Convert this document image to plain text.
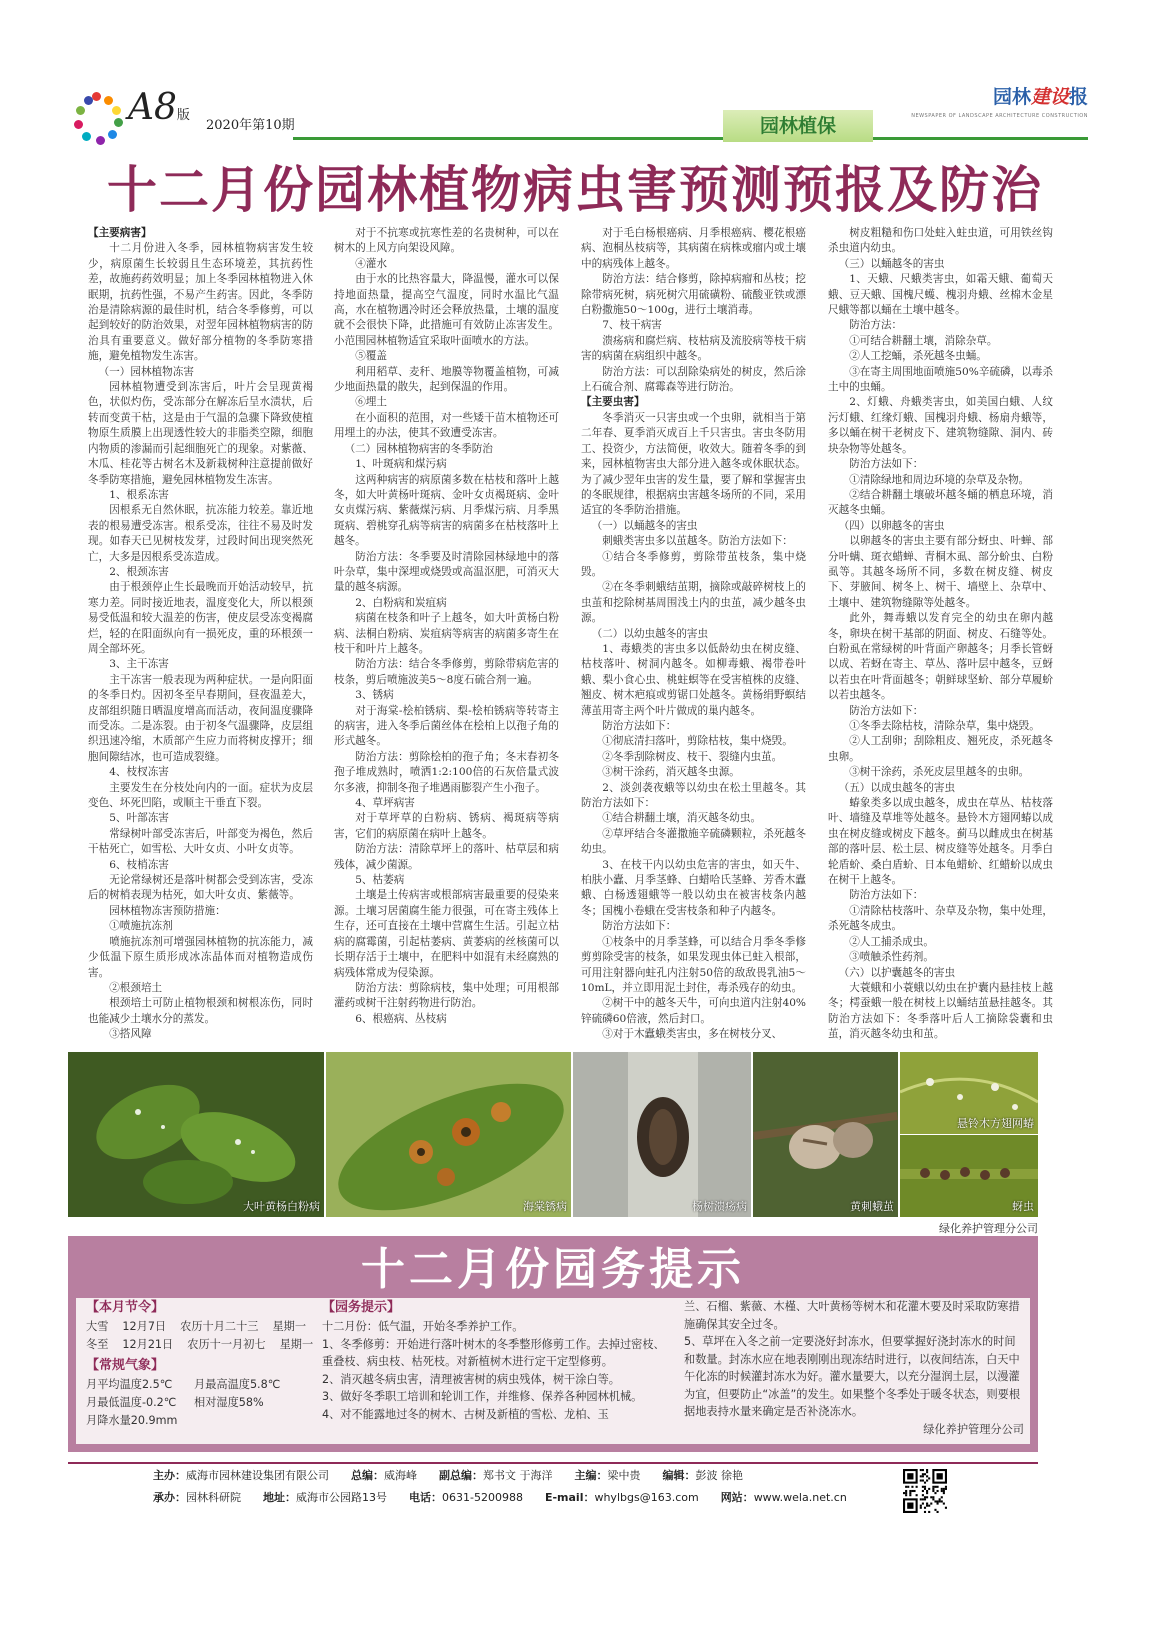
A8版
2020年第10期	园林植保
园林建设报
NEWSPAPER OF LANDSCAPE ARCHITECTURE CONSTRUCTION
十二月份园林植物病虫害预测预报及防治

【主要病害】

十二月份进入冬季，园林植物病害发生较少，病原菌生长较弱且生态环境差，其抗药性差，故施药药效明显；加上冬季园林植物进入休眠期，抗药性强，不易产生药害。因此，冬季防治是清除病源的最佳时机，结合冬季修剪，可以起到较好的防治效果，对翌年园林植物病害的防治具有重要意义。做好部分植物的冬季防寒措施，避免植物发生冻害。

（一）园林植物冻害

园林植物遭受到冻害后，叶片会呈现黄褐色，状似灼伤，受冻部分在解冻后呈水渍状，后转而变黄干枯，这是由于气温的急骤下降致使植物原生质膜上出现透性较大的非脂类空隙，细胞内物质的渗漏而引起细胞死亡的现象。对紫薇、木瓜、桂花等古树名木及新栽树种注意提前做好冬季防寒措施，避免园林植物发生冻害。

1、根系冻害

因根系无自然休眠，抗冻能力较差。靠近地表的根易遭受冻害。根系受冻，往往不易及时发现。如春天已见树枝发芽，过段时间出现突然死亡，大多是因根系受冻造成。

2、根颈冻害

由于根颈停止生长最晚而开始活动较早，抗寒力差。同时接近地表，温度变化大，所以根颈易受低温和较大温差的伤害，使皮层受冻变褐腐烂，轻的在阳面纵向有一损死皮，重的环根颈一周全部坏死。

3、主干冻害

主干冻害一般表现为两种症状。一是向阳面的冬季日灼。因初冬至早春期间，昼夜温差大，皮部组织随日晒温度增高而活动，夜间温度骤降而受冻。二是冻裂。由于初冬气温骤降，皮层组织迅速冷缩，木质部产生应力而将树皮撑开；细胞间隙结冰，也可造成裂缝。

4、枝杈冻害

主要发生在分枝处向内的一面。症状为皮层变色、坏死凹陷，或顺主干垂直下裂。

5、叶部冻害

常绿树叶部受冻害后，叶部变为褐色，然后干枯死亡，如雪松、大叶女贞、小叶女贞等。

6、枝梢冻害

无论常绿树还是落叶树都会受到冻害，受冻后的树梢表现为枯死，如大叶女贞、紫薇等。

园林植物冻害预防措施：

①喷施抗冻剂

喷施抗冻剂可增强园林植物的抗冻能力，减少低温下原生质形成冰冻晶体而对植物造成伤害。

②根颈培土

根颈培土可防止植物根颈和树根冻伤，同时也能减少土壤水分的蒸发。

③搭风障

对于不抗寒或抗寒性差的名贵树种，可以在树木的上风方向架设风障。

④灌水

由于水的比热容量大，降温慢，灌水可以保持地面热量，提高空气温度，同时水温比气温高，水在植物遇冷时还会释放热量，土壤的温度就不会很快下降，此措施可有效防止冻害发生。小范围园林植物适宜采取叶面喷水的方法。

⑤覆盖

利用稻草、麦秆、地膜等物覆盖植物，可减少地面热量的散失，起到保温的作用。

⑥埋土

在小面积的范围，对一些矮干苗木植物还可用埋土的办法，使其不致遭受冻害。

（二）园林植物病害的冬季防治

1、叶斑病和煤污病

这两种病害的病原菌多数在枯枝和落叶上越冬，如大叶黄杨叶斑病、金叶女贞褐斑病、金叶女贞煤污病、紫薇煤污病、月季煤污病、月季黑斑病、碧桃穿孔病等病害的病菌多在枯枝落叶上越冬。

防治方法：冬季要及时清除园林绿地中的落叶杂草，集中深埋或烧毁或高温沤肥，可消灭大量的越冬病源。

2、白粉病和炭疽病

病菌在枝条和叶子上越冬，如大叶黄杨白粉病、法桐白粉病、炭疽病等病害的病菌多寄生在枝干和叶片上越冬。

防治方法：结合冬季修剪，剪除带病危害的枝条，剪后喷施波美5～8度石硫合剂一遍。

3、锈病

对于海棠-桧柏锈病、梨-桧柏锈病等转寄主的病害，进入冬季后菌丝体在桧柏上以孢子角的形式越冬。

防治方法：剪除桧柏的孢子角；冬末春初冬孢子堆成熟时，喷洒1:2:100倍的石灰倍量式波尔多液，抑制冬孢子堆遇雨膨裂产生小孢子。

4、草坪病害

对于草坪草的白粉病、锈病、褐斑病等病害，它们的病原菌在病叶上越冬。

防治方法：清除草坪上的落叶、枯草层和病残体，减少菌源。

5、枯萎病

土壤是土传病害或根部病害最重要的侵染来源。土壤习居菌腐生能力很强，可在寄主残体上生存，还可直接在土壤中营腐生生活。引起立枯病的腐霉菌，引起枯萎病、黄萎病的丝核菌可以长期存活于土壤中，在肥料中如混有未经腐熟的病残体常成为侵染源。

防治方法：剪除病枝，集中处理；可用根部灌药或树干注射药物进行防治。

6、根癌病、丛枝病

对于毛白杨根癌病、月季根癌病、樱花根癌病、泡桐丛枝病等，其病菌在病株或瘤内或土壤中的病残体上越冬。

防治方法：结合修剪，除掉病瘤和丛枝；挖除带病死树，病死树穴用硫磺粉、硫酸亚铁或漂白粉撒施50～100g，进行土壤消毒。

7、枝干病害

溃疡病和腐烂病、枝枯病及流胶病等枝干病害的病菌在病组织中越冬。

防治方法：可以刮除染病处的树皮，然后涂上石硫合剂、腐霉森等进行防治。

【主要虫害】

冬季消灭一只害虫或一个虫卵，就相当于第二年春、夏季消灭成百上千只害虫。害虫冬防用工、投资少，方法简便，收效大。随着冬季的到来，园林植物害虫大部分进入越冬或休眠状态。为了减少翌年虫害的发生量，要了解和掌握害虫的冬眠规律，根据病虫害越冬场所的不同，采用适宜的冬季防治措施。

（一）以蛹越冬的害虫

刺蛾类害虫多以茧越冬。防治方法如下：

①结合冬季修剪，剪除带茧枝条，集中烧毁。

②在冬季刺蛾结茧期，摘除或敲碎树枝上的虫茧和挖除树基周围浅土内的虫茧，减少越冬虫源。

（二）以幼虫越冬的害虫

1、毒蛾类的害虫多以低龄幼虫在树皮缝、枯枝落叶、树洞内越冬。如柳毒蛾、褐带卷叶蛾、梨小食心虫、桃蛀螟等在受害植株的皮缝、翘皮、树木疤痕或剪锯口处越冬。黄杨绢野螟结薄茧用寄主两个叶片做成的巢内越冬。

防治方法如下：

①彻底清扫落叶，剪除枯枝，集中烧毁。

②冬季刮除树皮、枝干、裂缝内虫茧。

③树干涂药，消灭越冬虫源。

2、淡剑袭夜蛾等以幼虫在松土里越冬。其防治方法如下：

①结合耕翻土壤，消灭越冬幼虫。

②草坪结合冬灌撒施辛硫磷颗粒，杀死越冬幼虫。

3、在枝干内以幼虫危害的害虫，如天牛、柏肤小蠹、月季茎蜂、白蜡哈氏茎蜂、芳香木蠹蛾、白杨透翅蛾等一般以幼虫在被害枝条内越冬；国槐小卷蛾在受害枝条和种子内越冬。

防治方法如下：

①枝条中的月季茎蜂，可以结合月季冬季修剪剪除受害的枝条，如果发现虫体已蛀入根部，可用注射器向蛀孔内注射50倍的敌敌畏乳油5～10mL，并立即用泥土封住，毒杀残存的幼虫。

②树干中的越冬天牛，可向虫道内注射40%锌硫磷60倍液，然后封口。

③对于木蠹蛾类害虫，多在树枝分叉、

树皮粗糙和伤口处蛀入蛀虫道，可用铁丝钩杀虫道内幼虫。

（三）以蛹越冬的害虫

1、天蛾、尺蛾类害虫，如霜天蛾、葡萄天蛾、豆天蛾、国槐尺蠖、槐羽舟蛾、丝棉木金星尺蛾等都以蛹在土壤中越冬。

防治方法：

①可结合耕翻土壤，消除杂草。

②人工挖蛹，杀死越冬虫蛹。

③在寄主周围地面喷施50%辛硫磷，以毒杀土中的虫蛹。

2、灯蛾、舟蛾类害虫，如美国白蛾、人纹污灯蛾、红缘灯蛾、国槐羽舟蛾、杨扇舟蛾等，多以蛹在树干老树皮下、建筑物缝隙、洞内、砖块杂物等处越冬。

防治方法如下：

①清除绿地和周边环境的杂草及杂物。

②结合耕翻土壤破坏越冬蛹的栖息环境，消灭越冬虫蛹。

（四）以卵越冬的害虫

以卵越冬的害虫主要有部分蚜虫、叶蝉、部分叶螨、斑衣蜡蝉、青桐木虱、部分蚧虫、白粉虱等。其越冬场所不同，多数在树皮缝、树皮下、芽腋间、树冬上、树干、墙壁上、杂草中、土壤中、建筑物缝隙等处越冬。

此外，舞毒蛾以发育完全的幼虫在卵内越冬，卵块在树干基部的阴面、树皮、石缝等处。白粉虱在常绿树的叶背面产卵越冬；月季长管蚜以成、若蚜在寄主、草丛、落叶层中越冬，豆蚜以若虫在叶背面越冬；朝鲜球坚蚧、部分草履蚧以若虫越冬。

防治方法如下：

①冬季去除枯枝，清除杂草，集中烧毁。

②人工刮卵；刮除粗皮、翘死皮，杀死越冬虫卵。

③树干涂药，杀死皮层里越冬的虫卵。

（五）以成虫越冬的害虫

蝽象类多以成虫越冬，成虫在草丛、枯枝落叶、墙缝及草堆等处越冬。悬铃木方翅网蝽以成虫在树皮缝或树皮下越冬。蓟马以雌成虫在树基部的落叶层、松土层、树皮缝等处越冬。月季白轮盾蚧、桑白盾蚧、日本龟蜡蚧、红蜡蚧以成虫在树干上越冬。

防治方法如下：

①清除枯枝落叶、杂草及杂物，集中处理，杀死越冬成虫。

②人工捕杀成虫。

③喷触杀性药剂。

（六）以护囊越冬的害虫

大蓑蛾和小蓑蛾以幼虫在护囊内悬挂枝上越冬；樗蚕蛾一般在树枝上以蛹结茧悬挂越冬。其防治方法如下：冬季落叶后人工摘除袋囊和虫茧，消灭越冬幼虫和茧。

大叶黄杨白粉病	海棠锈病	杨树溃疡病	黄刺蛾茧
悬铃木方翅网蝽
蚜虫
绿化养护管理分公司
十二月份园务提示
【本月节令】
大雪 12月7日 农历十月二十三 星期一
冬至 12月21日 农历十一月初七 星期一
【常规气象】
月平均温度2.5℃ 月最高温度5.8℃
月最低温度-0.2℃ 相对湿度58%
月降水量20.9mm
【园务提示】
十二月份：低气温，开始冬季养护工作。
1、冬季修剪：开始进行落叶树木的冬季整形修剪工作。去掉过密枝、重叠枝、病虫枝、枯死枝。对新植树木进行定干定型修剪。
2、消灭越冬病虫害，清理被害树的病虫残体，树干涂白等。
3、做好冬季职工培训和轮训工作，并维修、保养各种园林机械。
4、对不能露地过冬的树木、古树及新植的雪松、龙柏、玉
兰、石榴、紫薇、木槿、大叶黄杨等树木和花灌木要及时采取防寒措施确保其安全过冬。
5、草坪在入冬之前一定要浇好封冻水，但要掌握好浇封冻水的时间和数量。封冻水应在地表刚刚出现冻结时进行，以夜间结冻，白天中午化冻的时候灌封冻水为好。灌水量要大，以充分湿润土层，以漫灌为宜，但要防止“冰盖”的发生。如果整个冬季处于暖冬状态，则要根据地表持水量来确定是否补浇冻水。
绿化养护管理分公司
主办：威海市园林建设集团有限公司 总编：威海峰 副总编：郑书文 于海洋 主编：梁中贵 编辑：彭波 徐艳
承办：园林科研院 地址：威海市公园路13号 电话：0631-5200988 E-mail：whylbgs@163.com 网站：www.wela.net.cn
